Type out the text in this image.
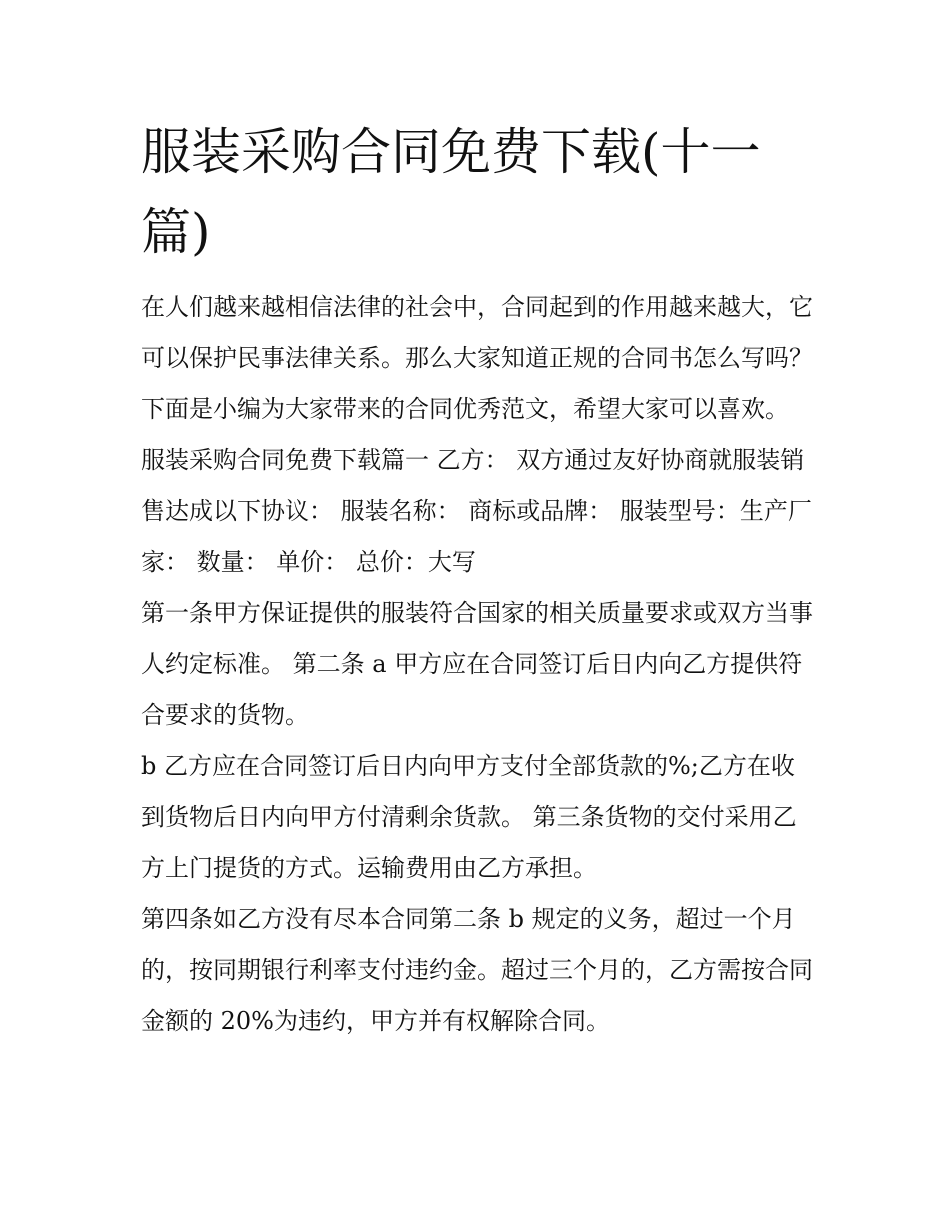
服装采购合同免费下载(十一篇)

在人们越来越相信法律的社会中，合同起到的作用越来越大，它可以保护民事法律关系。那么大家知道正规的合同书怎么写吗？下面是小编为大家带来的合同优秀范文，希望大家可以喜欢。

服装采购合同免费下载篇一 乙方： 双方通过友好协商就服装销售达成以下协议： 服装名称： 商标或品牌： 服装型号：生产厂家： 数量： 单价： 总价：大写

第一条甲方保证提供的服装符合国家的相关质量要求或双方当事人约定标准。 第二条 a 甲方应在合同签订后日内向乙方提供符合要求的货物。

b 乙方应在合同签订后日内向甲方支付全部货款的%;乙方在收到货物后日内向甲方付清剩余货款。 第三条货物的交付采用乙方上门提货的方式。运输费用由乙方承担。

第四条如乙方没有尽本合同第二条 b 规定的义务，超过一个月的，按同期银行利率支付违约金。超过三个月的，乙方需按合同金额的 20%为违约，甲方并有权解除合同。
